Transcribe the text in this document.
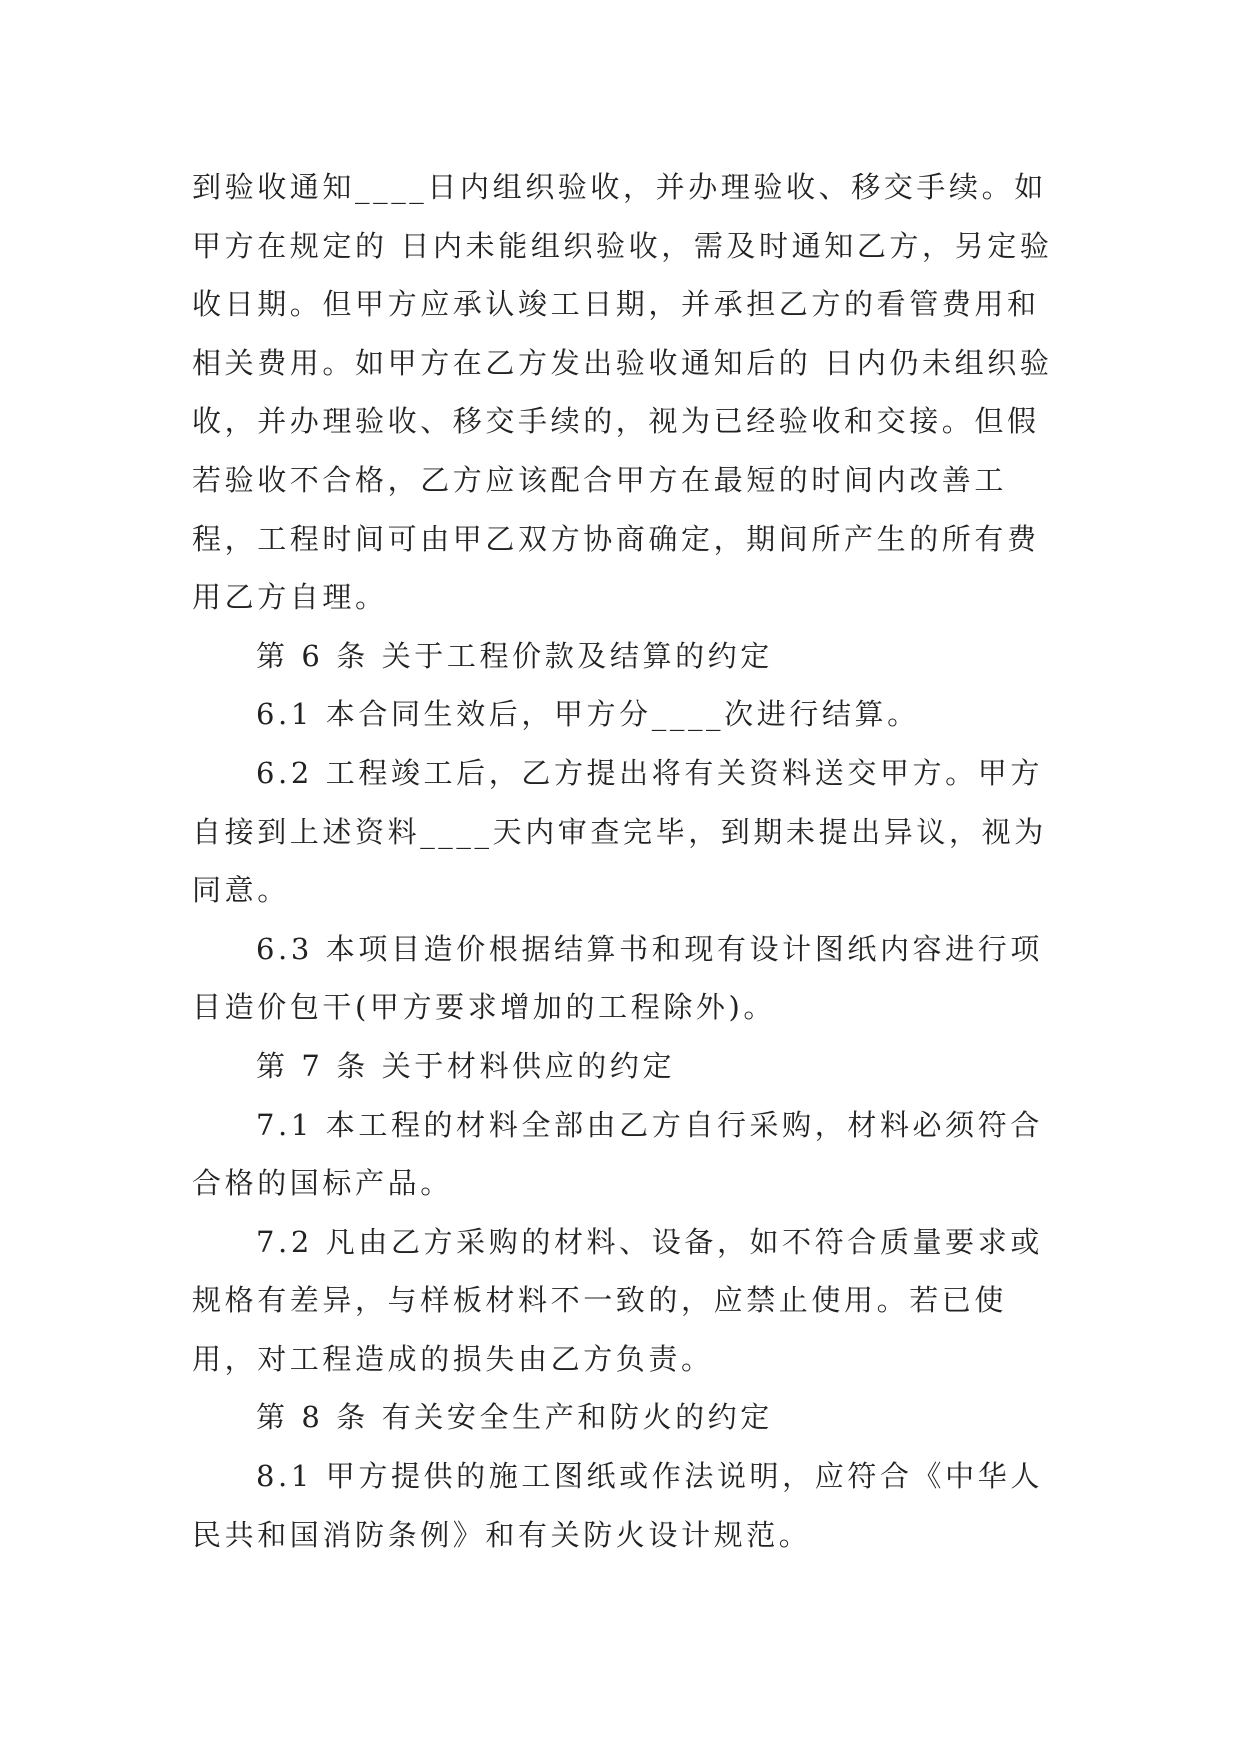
到验收通知____日内组织验收，并办理验收、移交手续。如甲方在规定的 日内未能组织验收，需及时通知乙方，另定验收日期。但甲方应承认竣工日期，并承担乙方的看管费用和相关费用。如甲方在乙方发出验收通知后的 日内仍未组织验收，并办理验收、移交手续的，视为已经验收和交接。但假若验收不合格，乙方应该配合甲方在最短的时间内改善工程，工程时间可由甲乙双方协商确定，期间所产生的所有费用乙方自理。

第 6 条 关于工程价款及结算的约定

6.1 本合同生效后，甲方分____次进行结算。

6.2 工程竣工后，乙方提出将有关资料送交甲方。甲方自接到上述资料____天内审查完毕，到期未提出异议，视为同意。

6.3 本项目造价根据结算书和现有设计图纸内容进行项目造价包干(甲方要求增加的工程除外)。

第 7 条 关于材料供应的约定

7.1 本工程的材料全部由乙方自行采购，材料必须符合合格的国标产品。

7.2 凡由乙方采购的材料、设备，如不符合质量要求或规格有差异，与样板材料不一致的，应禁止使用。若已使用，对工程造成的损失由乙方负责。

第 8 条 有关安全生产和防火的约定

8.1 甲方提供的施工图纸或作法说明，应符合《中华人民共和国消防条例》和有关防火设计规范。
